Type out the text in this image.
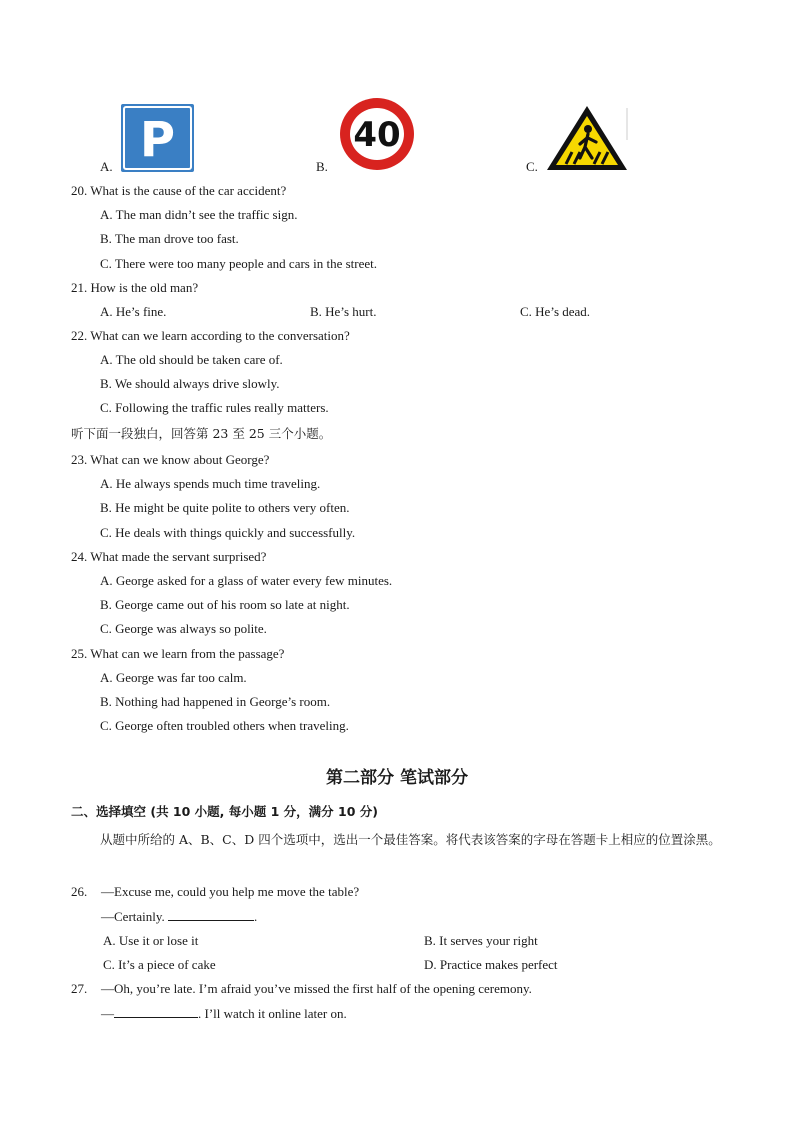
A. P	B.
40
C.
20. What is the cause of the car accident?
A. The man didn’t see the traffic sign.
B. The man drove too fast.
C. There were too many people and cars in the street.
21. How is the old man?
A. He’s fine.	B. He’s hurt.	C. He’s dead.
22. What can we learn according to the conversation?
A. The old should be taken care of.
B. We should always drive slowly.
C. Following the traffic rules really matters.
听下面一段独白，回答第 23 至 25 三个小题。
23. What can we know about George?
A. He always spends much time traveling.
B. He might be quite polite to others very often.
C. He deals with things quickly and successfully.
24. What made the servant surprised?
A. George asked for a glass of water every few minutes.
B. George came out of his room so late at night.
C. George was always so polite.
25. What can we learn from the passage?
A. George was far too calm.
B. Nothing had happened in George’s room.
C. George often troubled others when traveling.
第二部分 笔试部分
二、选择填空 (共 10 小题, 每小题 1 分，满分 10 分)
从题中所给的 A、B、C、D 四个选项中，选出一个最佳答案。将代表该答案的字母在答题卡上相应的位置涂黑。
26. —Excuse me, could you help me move the table?
—Certainly.	.
A. Use it or lose it	B. It serves your right
C. It’s a piece of cake	D. Practice makes perfect
27. —Oh, you’re late. I’m afraid you’ve missed the first half of the opening ceremony.
—	. I’ll watch it online later on.
